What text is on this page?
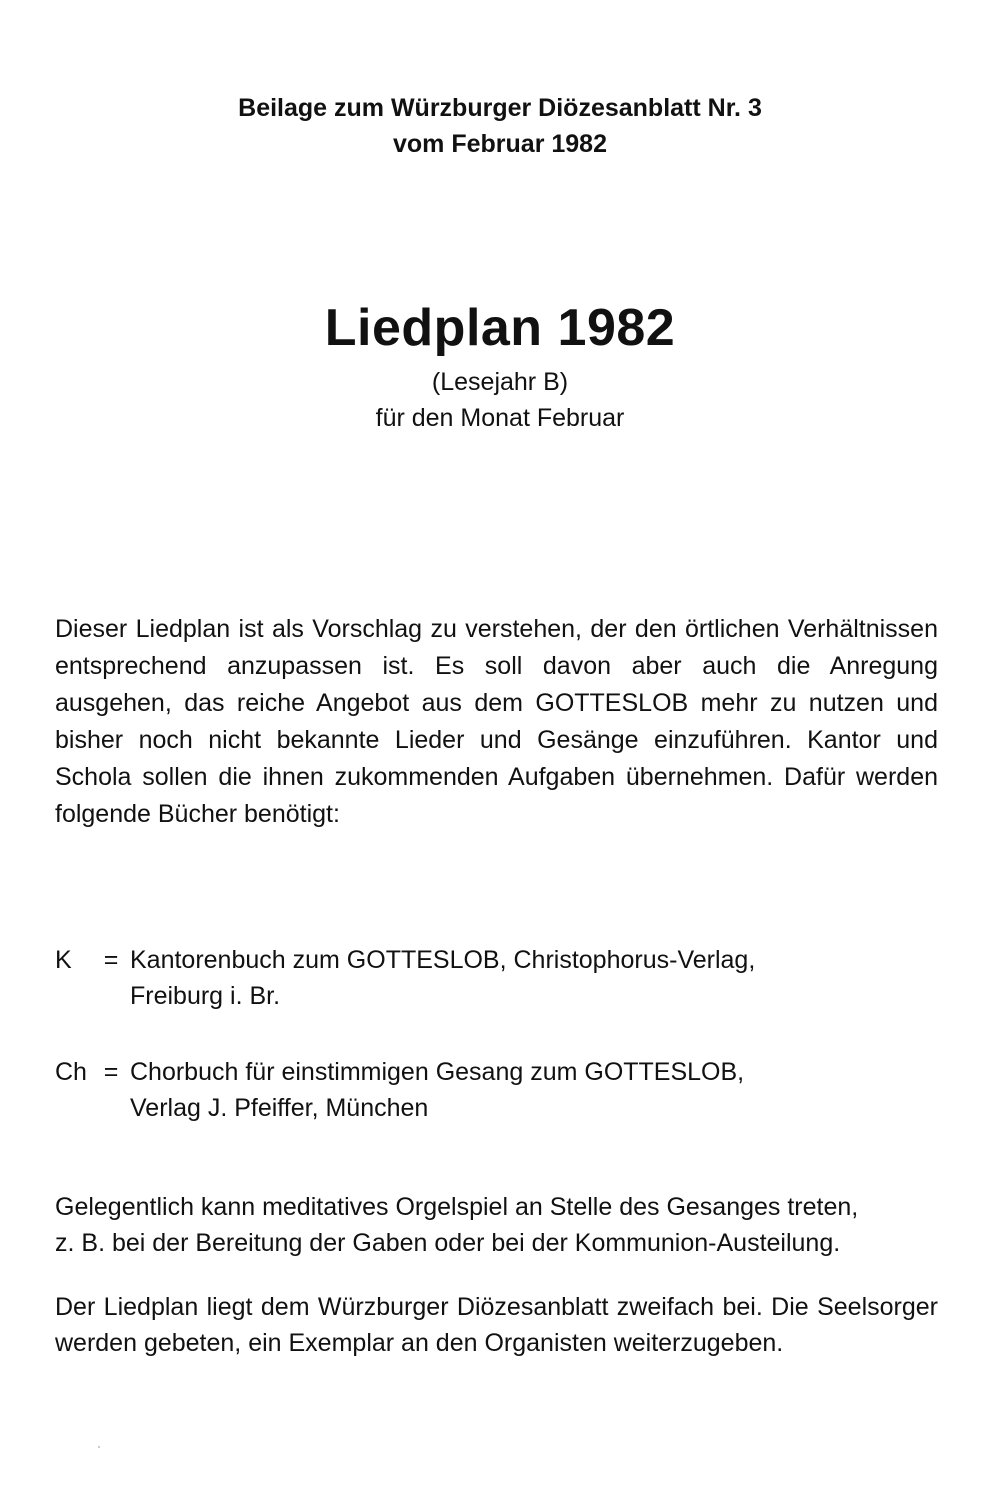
Beilage zum Würzburger Diözesanblatt Nr. 3
vom Februar 1982
Liedplan 1982
(Lesejahr B)
für den Monat Februar
Dieser Liedplan ist als Vorschlag zu verstehen, der den örtlichen Verhältnissen entsprechend anzupassen ist. Es soll davon aber auch die Anregung ausgehen, das reiche Angebot aus dem GOTTESLOB mehr zu nutzen und bisher noch nicht bekannte Lieder und Gesänge einzuführen. Kantor und Schola sollen die ihnen zukommenden Aufgaben übernehmen. Dafür werden folgende Bücher benötigt:
K	= Kantorenbuch zum GOTTESLOB, Christophorus-Verlag,
Freiburg i. Br.
Ch = Chorbuch für einstimmigen Gesang zum GOTTESLOB,
Verlag J. Pfeiffer, München
Gelegentlich kann meditatives Orgelspiel an Stelle des Gesanges treten,
z. B. bei der Bereitung der Gaben oder bei der Kommunion-Austeilung.
Der Liedplan liegt dem Würzburger Diözesanblatt zweifach bei. Die Seelsorger werden gebeten, ein Exemplar an den Organisten weiterzugeben.
